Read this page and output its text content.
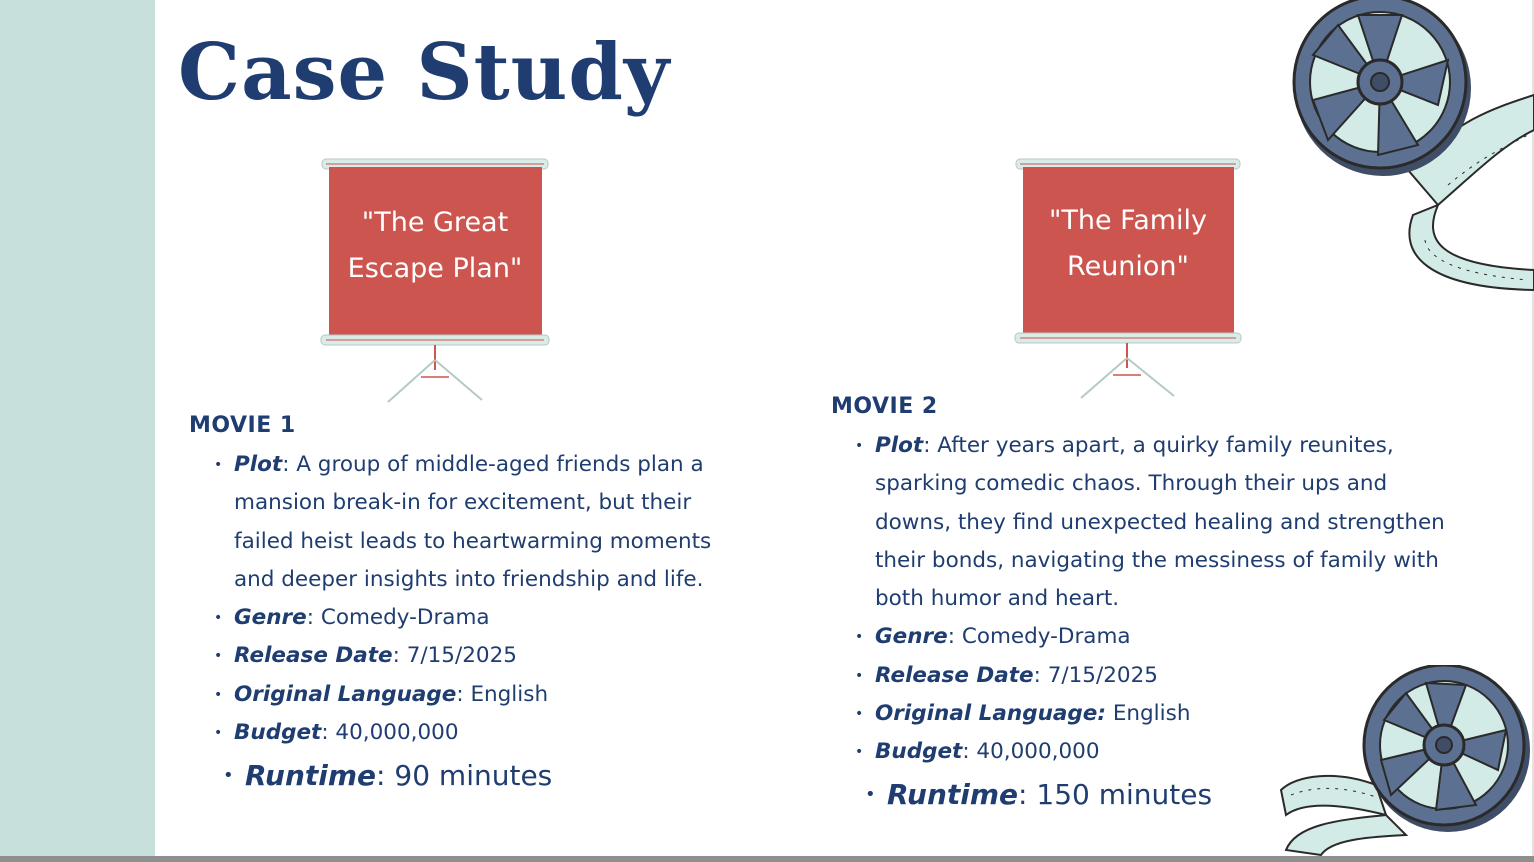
Case Study
"The Great
Escape Plan"
"The Family
Reunion"
MOVIE 1
• Plot: A group of middle-aged friends plan a
mansion break-in for excitement, but their
failed heist leads to heartwarming moments
and deeper insights into friendship and life.
• Genre: Comedy-Drama
• Release Date: 7/15/2025
• Original Language: English
• Budget: 40,000,000
• Runtime: 90 minutes
MOVIE 2
• Plot: After years apart, a quirky family reunites,
sparking comedic chaos. Through their ups and
downs, they find unexpected healing and strengthen
their bonds, navigating the messiness of family with
both humor and heart.
• Genre: Comedy-Drama
• Release Date: 7/15/2025
• Original Language: English
• Budget: 40,000,000
• Runtime: 150 minutes
